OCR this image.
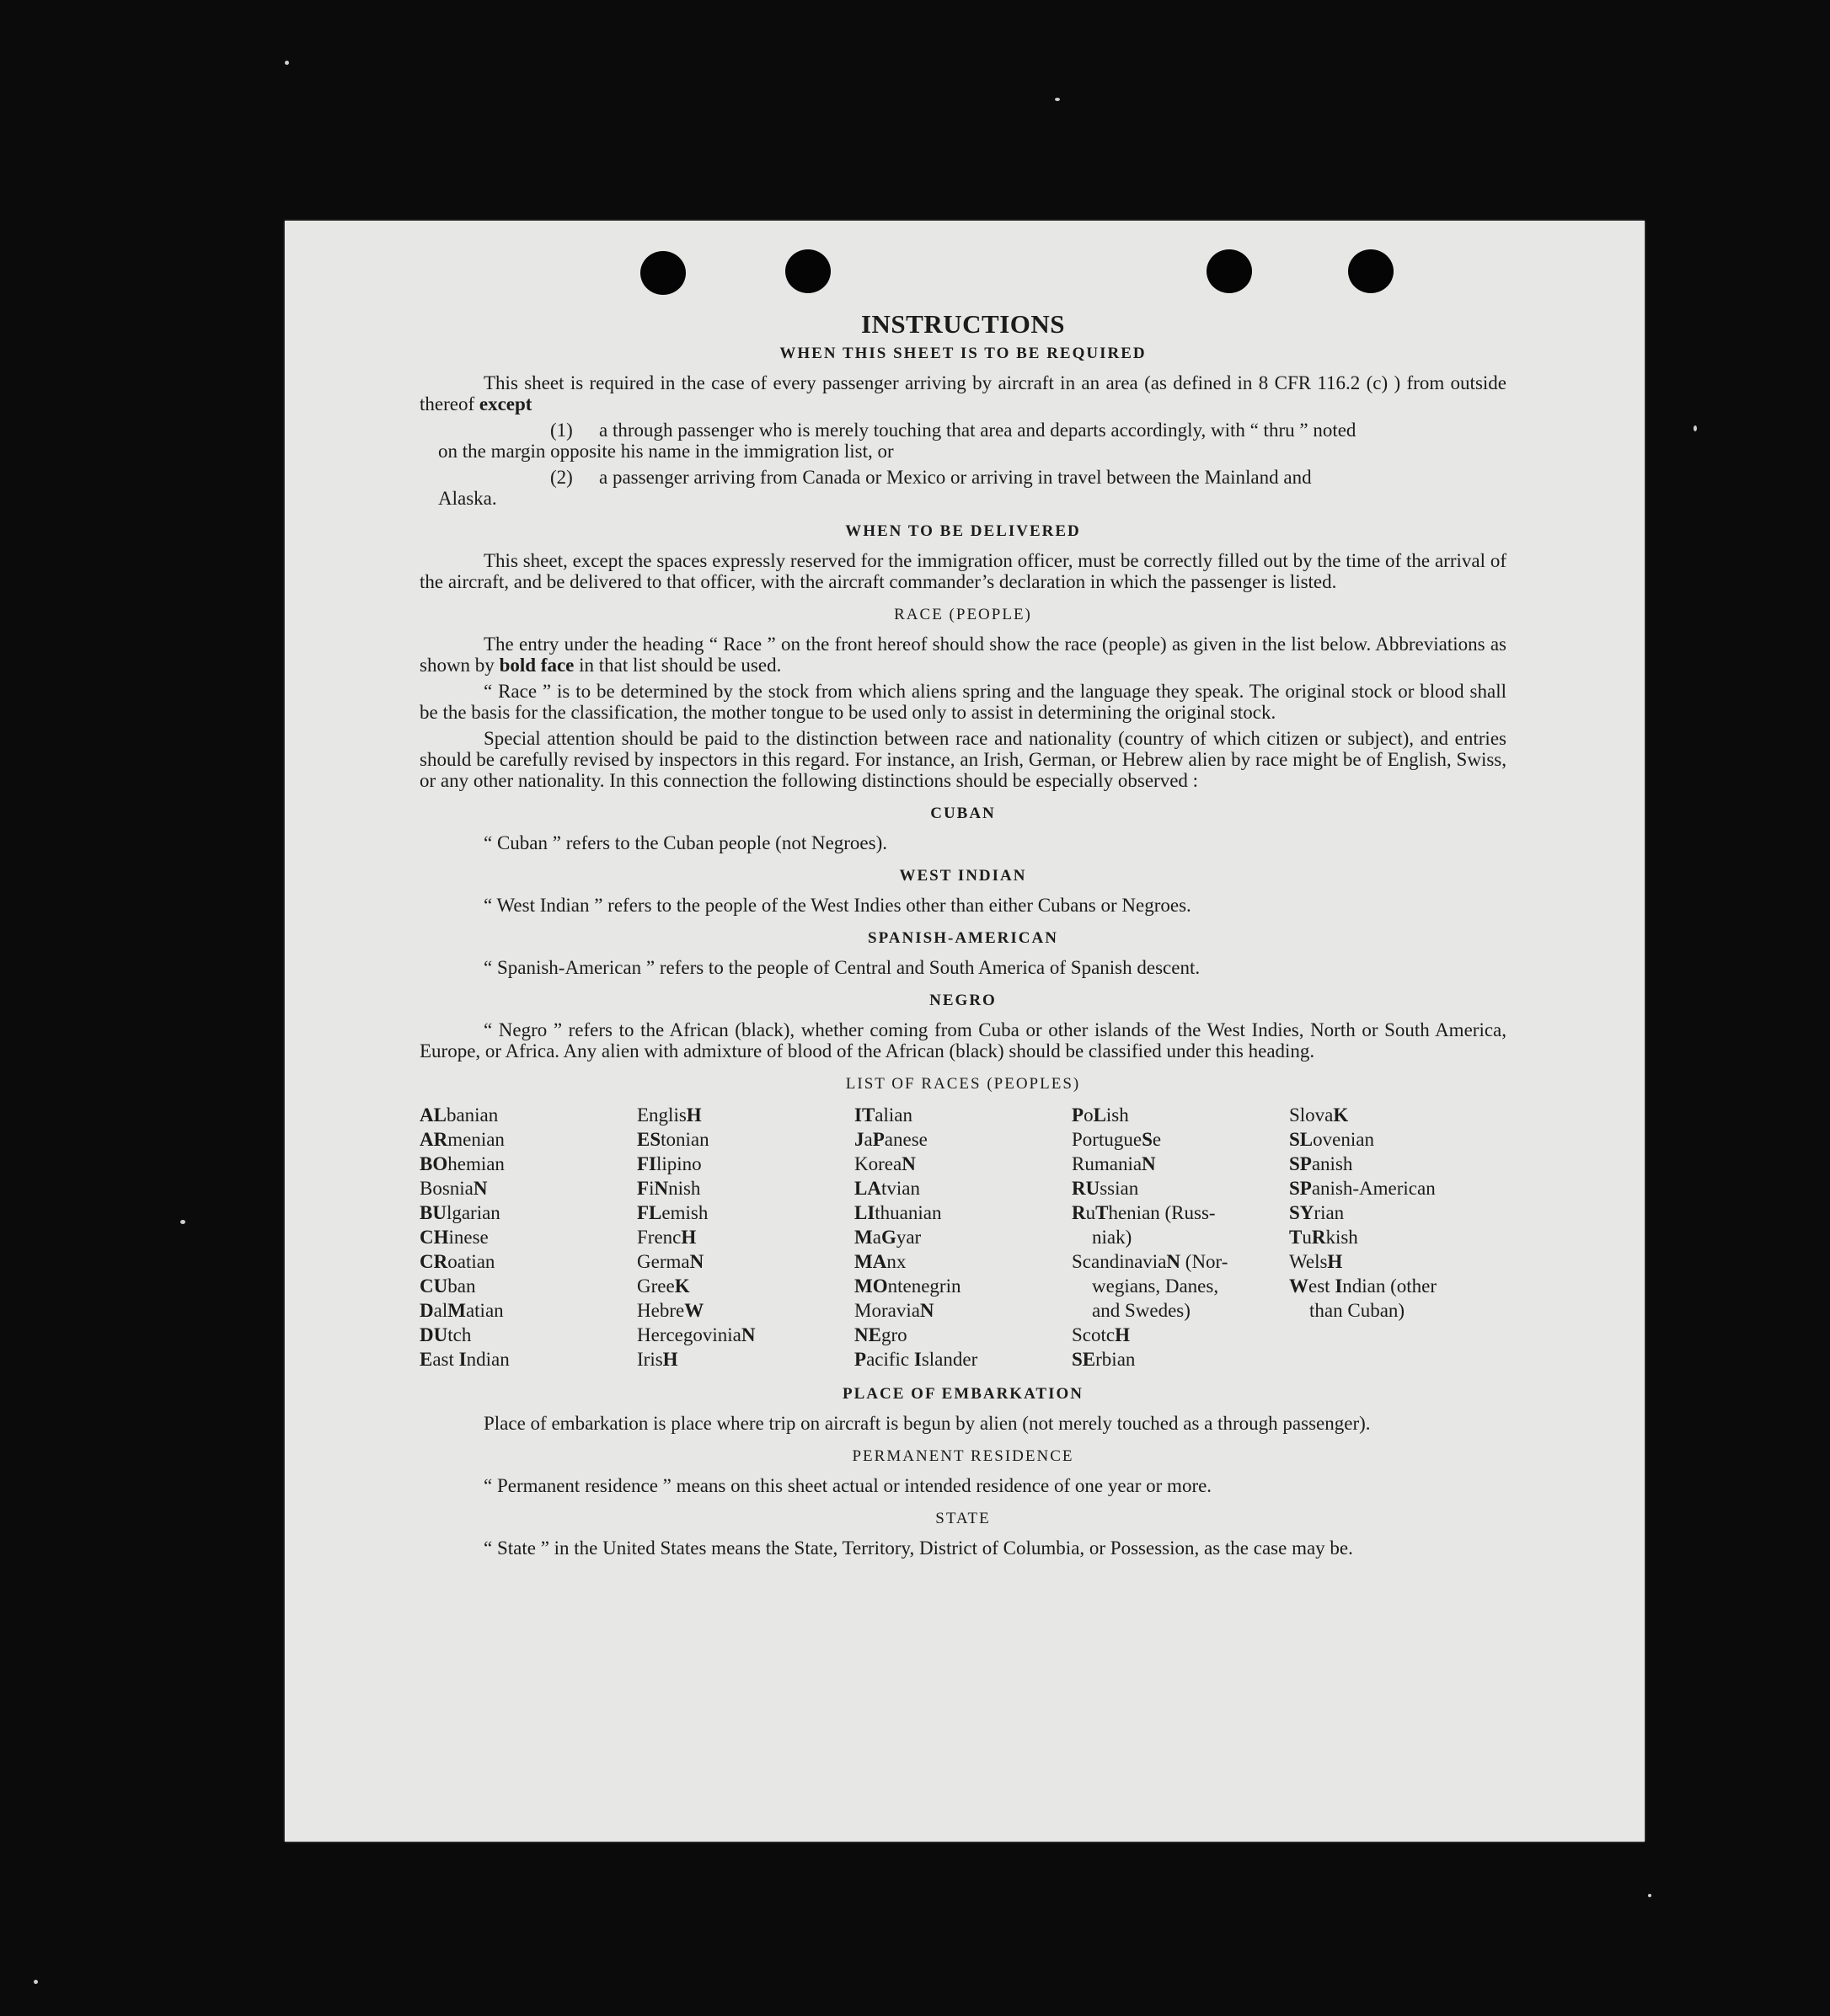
INSTRUCTIONS
WHEN THIS SHEET IS TO BE REQUIRED

This sheet is required in the case of every passenger arriving by aircraft in an area (as defined in 8 CFR 116.2 (c) ) from outside thereof except

(1) a through passenger who is merely touching that area and departs accordingly, with “ thru ” noted
on the margin opposite his name in the immigration list, or
(2) a passenger arriving from Canada or Mexico or arriving in travel between the Mainland and
Alaska.
WHEN TO BE DELIVERED

This sheet, except the spaces expressly reserved for the immigration officer, must be correctly filled out by the time of the arrival of the aircraft, and be delivered to that officer, with the aircraft commander’s declaration in which the passenger is listed.

RACE (PEOPLE)

The entry under the heading “ Race ” on the front hereof should show the race (people) as given in the list below. Abbreviations as shown by bold face in that list should be used.

“ Race ” is to be determined by the stock from which aliens spring and the language they speak. The original stock or blood shall be the basis for the classification, the mother tongue to be used only to assist in determining the original stock.

Special attention should be paid to the distinction between race and nationality (country of which citizen or subject), and entries should be carefully revised by inspectors in this regard. For instance, an Irish, German, or Hebrew alien by race might be of English, Swiss, or any other nationality. In this connection the following distinctions should be especially observed :

CUBAN

“ Cuban ” refers to the Cuban people (not Negroes).

WEST INDIAN

“ West Indian ” refers to the people of the West Indies other than either Cubans or Negroes.

SPANISH-AMERICAN

“ Spanish-American ” refers to the people of Central and South America of Spanish descent.

NEGRO

“ Negro ” refers to the African (black), whether coming from Cuba or other islands of the West Indies, North or South America, Europe, or Africa. Any alien with admixture of blood of the African (black) should be classified under this heading.

LIST OF RACES (PEOPLES)
ALbanian
ARmenian
BOhemian
BosniaN
BUlgarian
CHinese
CRoatian
CUban
DalMatian
DUtch
East Indian
EnglisH
EStonian
FIlipino
FiNnish
FLemish
FrencH
GermaN
GreeK
HebreW
HercegoviniaN
IrisH
ITalian
JaPanese
KoreaN
LAtvian
LIthuanian
MaGyar
MAnx
MOntenegrin
MoraviaN
NEgro
Pacific Islander
PoLish
PortugueSe
RumaniaN
RUssian
RuThenian (Russ-
niak)
ScandinaviaN (Nor-
wegians, Danes,
and Swedes)
ScotcH
SErbian
SlovaK
SLovenian
SPanish
SPanish-American
SYrian
TuRkish
WelsH
West Indian (other
than Cuban)
PLACE OF EMBARKATION

Place of embarkation is place where trip on aircraft is begun by alien (not merely touched as a through passenger).

PERMANENT RESIDENCE

“ Permanent residence ” means on this sheet actual or intended residence of one year or more.

STATE

“ State ” in the United States means the State, Territory, District of Columbia, or Possession, as the case may be.
